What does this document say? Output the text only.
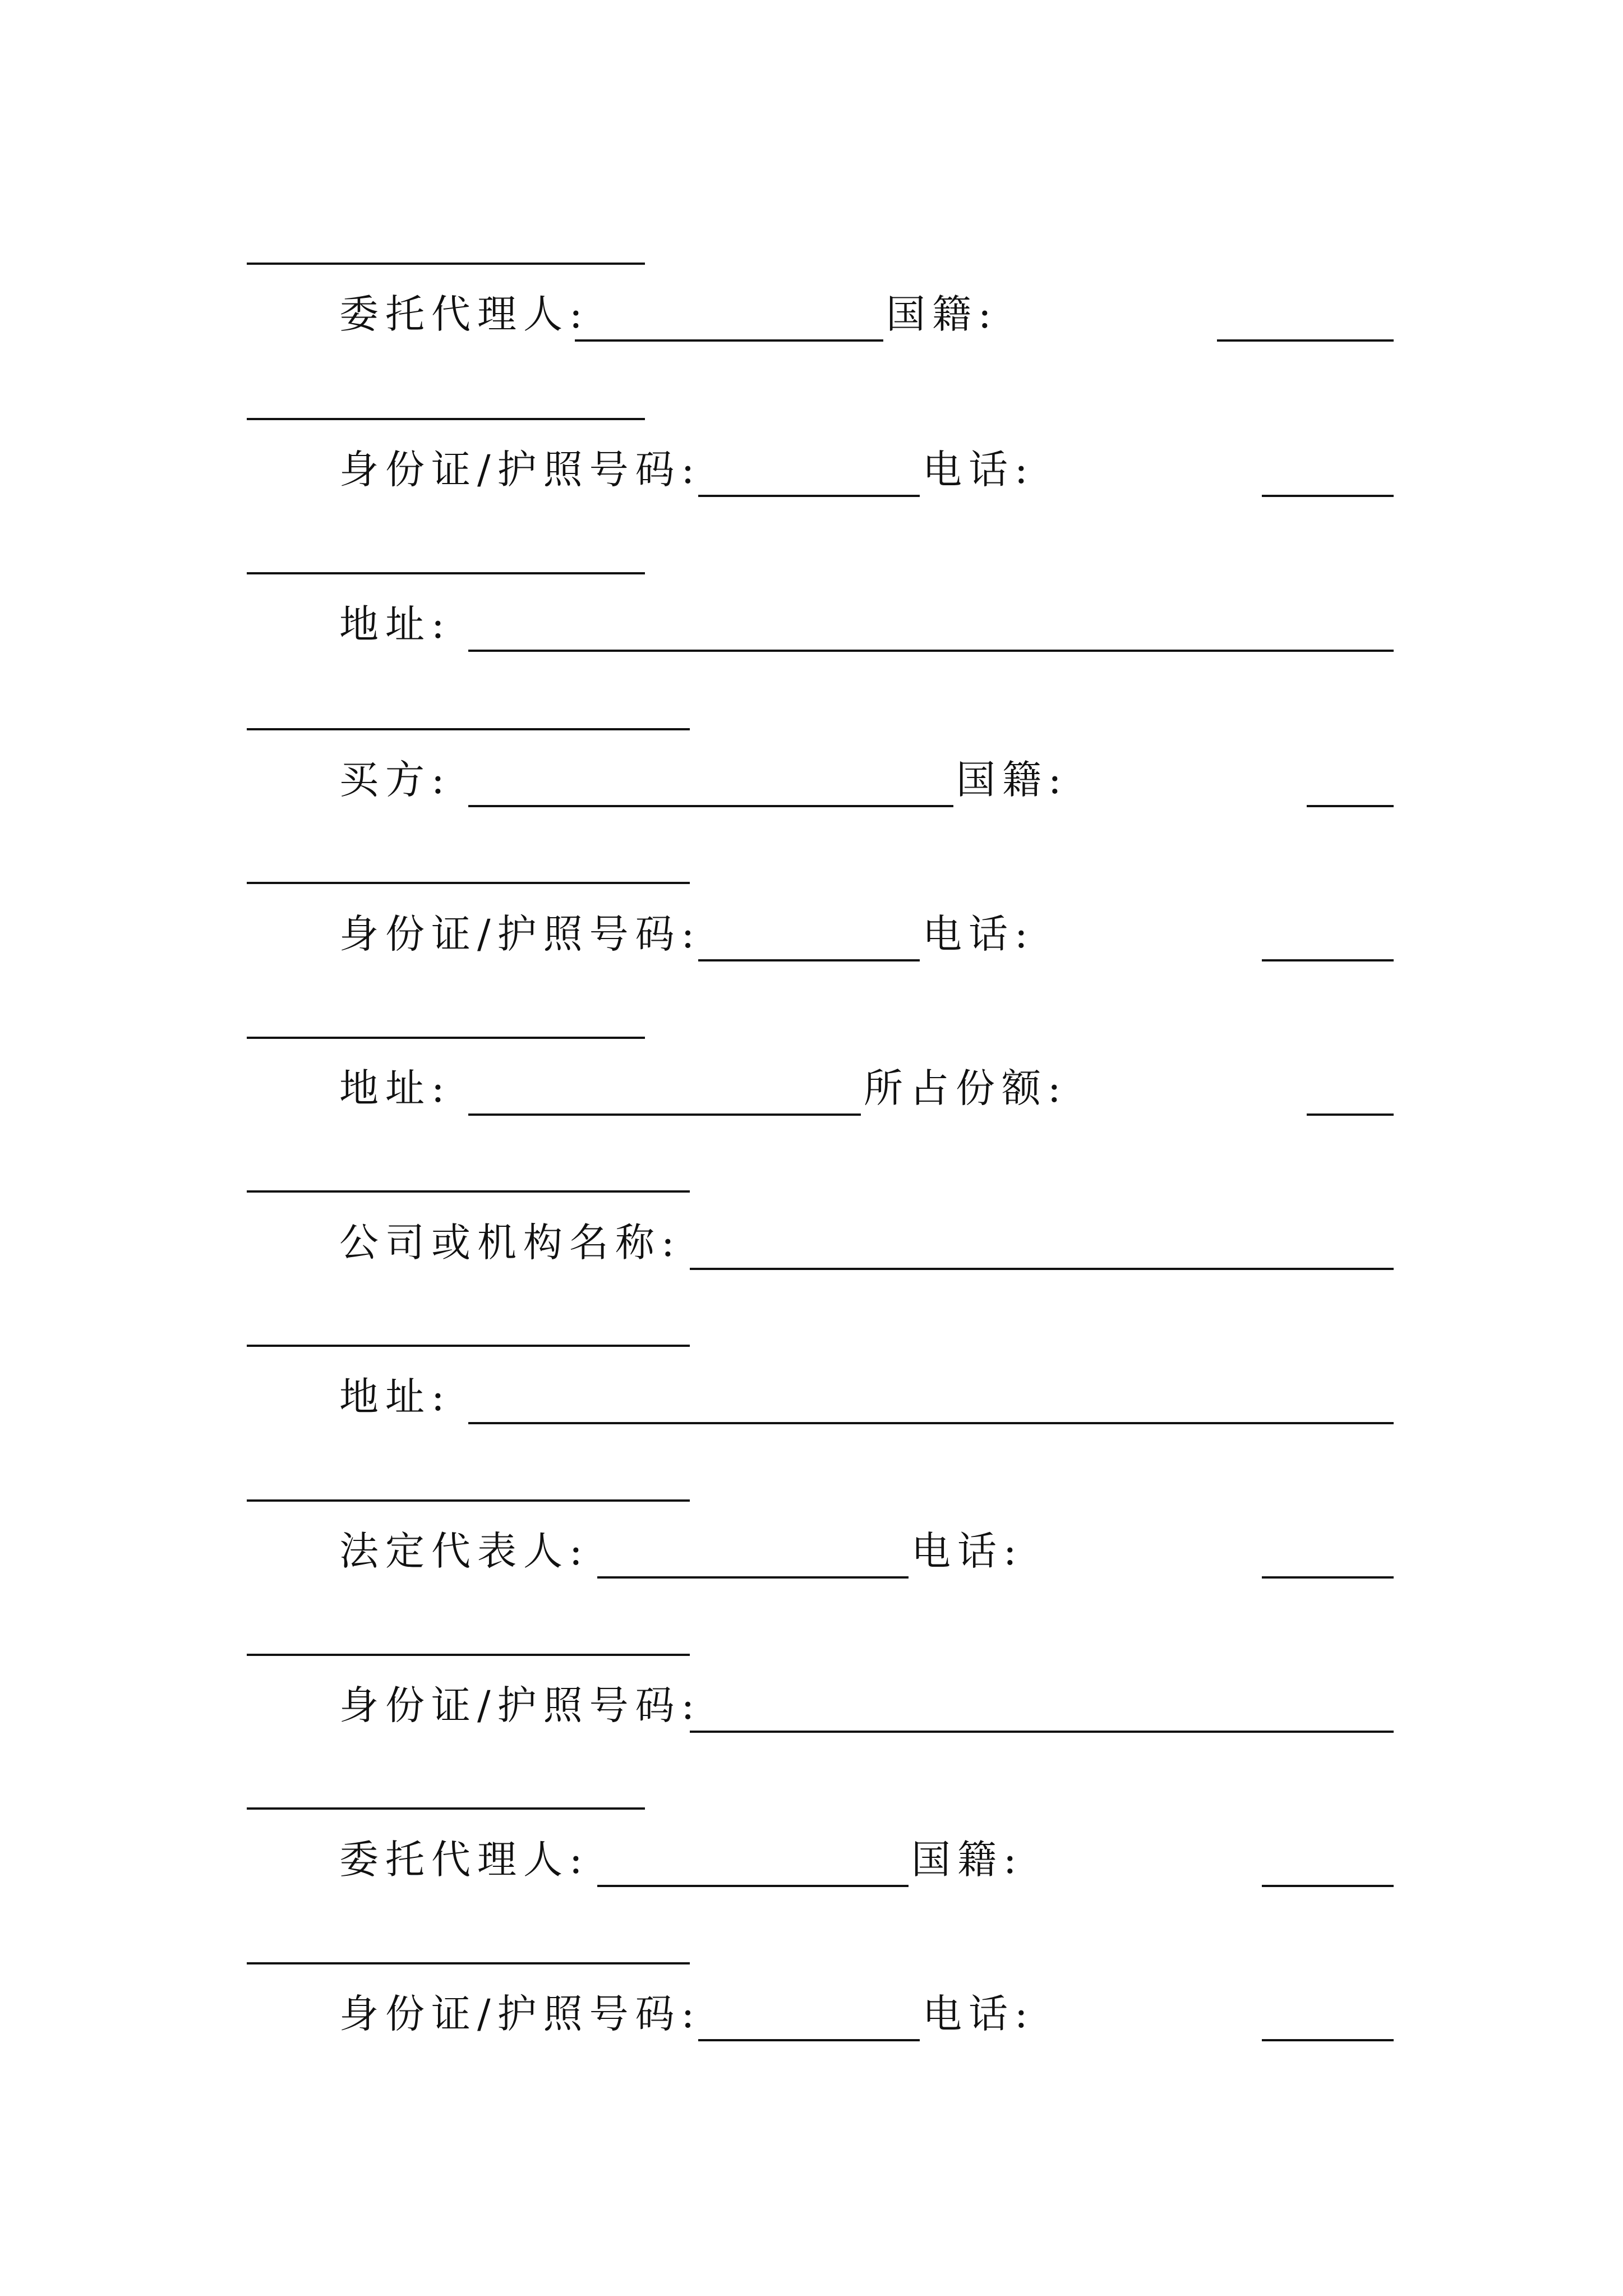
委托代理人:	国籍:
身份证/护照号码:	电话:
地址:
买方:	国籍:
身份证/护照号码:	电话:
地址:	所占份额:
公司或机构名称:
地址:
法定代表人:	电话:
身份证/护照号码:
委托代理人:	国籍:
身份证/护照号码:	电话:
